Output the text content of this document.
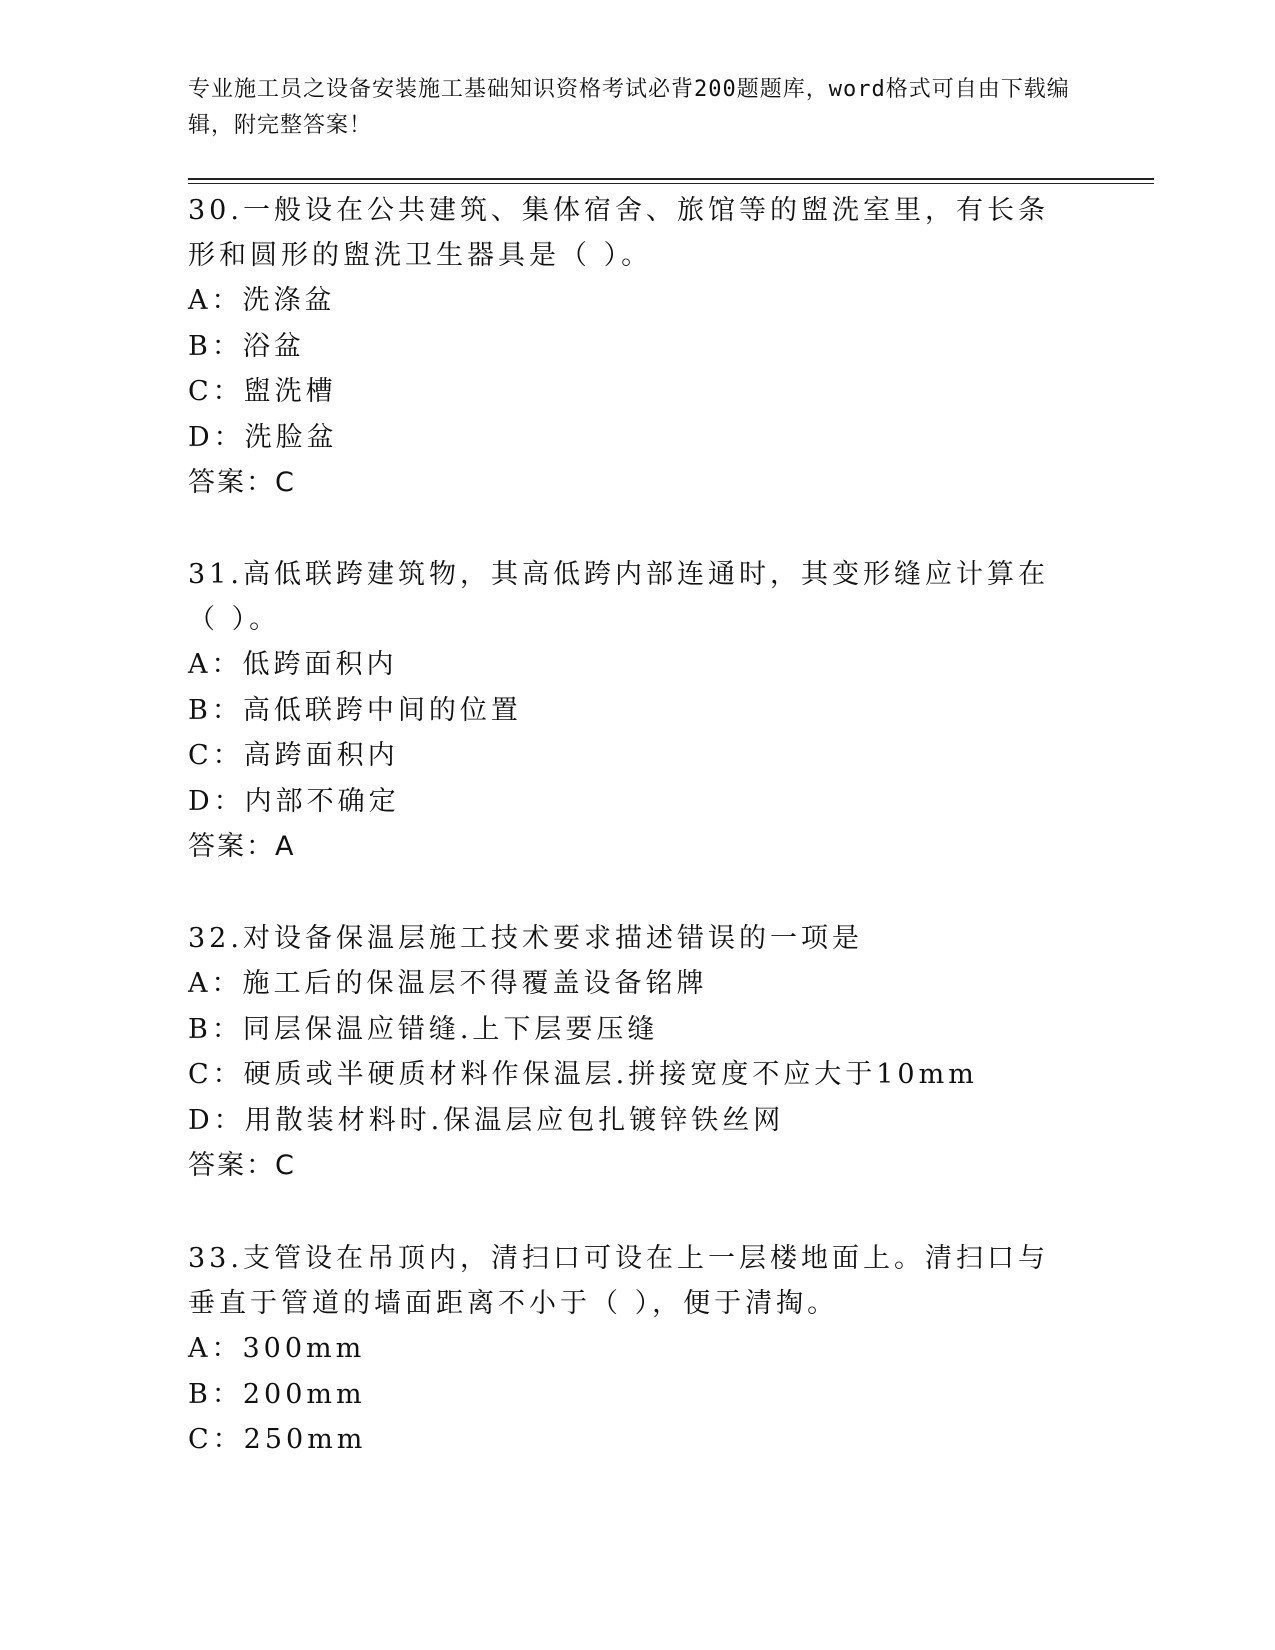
专业施工员之设备安装施工基础知识资格考试必背200题题库，word格式可自由下载编辑，附完整答案！

30.一般设在公共建筑、集体宿舍、旅馆等的盥洗室里，有长条形和圆形的盥洗卫生器具是（ ）。

A：洗涤盆
B：浴盆
C：盥洗槽
D：洗脸盆
答案：C

31.高低联跨建筑物，其高低跨内部连通时，其变形缝应计算在（ ）。

A：低跨面积内
B：高低联跨中间的位置
C：高跨面积内
D：内部不确定
答案：A

32.对设备保温层施工技术要求描述错误的一项是

A：施工后的保温层不得覆盖设备铭牌
B：同层保温应错缝.上下层要压缝
C：硬质或半硬质材料作保温层.拼接宽度不应大于10mm
D：用散装材料时.保温层应包扎镀锌铁丝网
答案：C

33.支管设在吊顶内，清扫口可设在上一层楼地面上。清扫口与垂直于管道的墙面距离不小于（ ），便于清掏。

A：300mm
B：200mm
C：250mm
